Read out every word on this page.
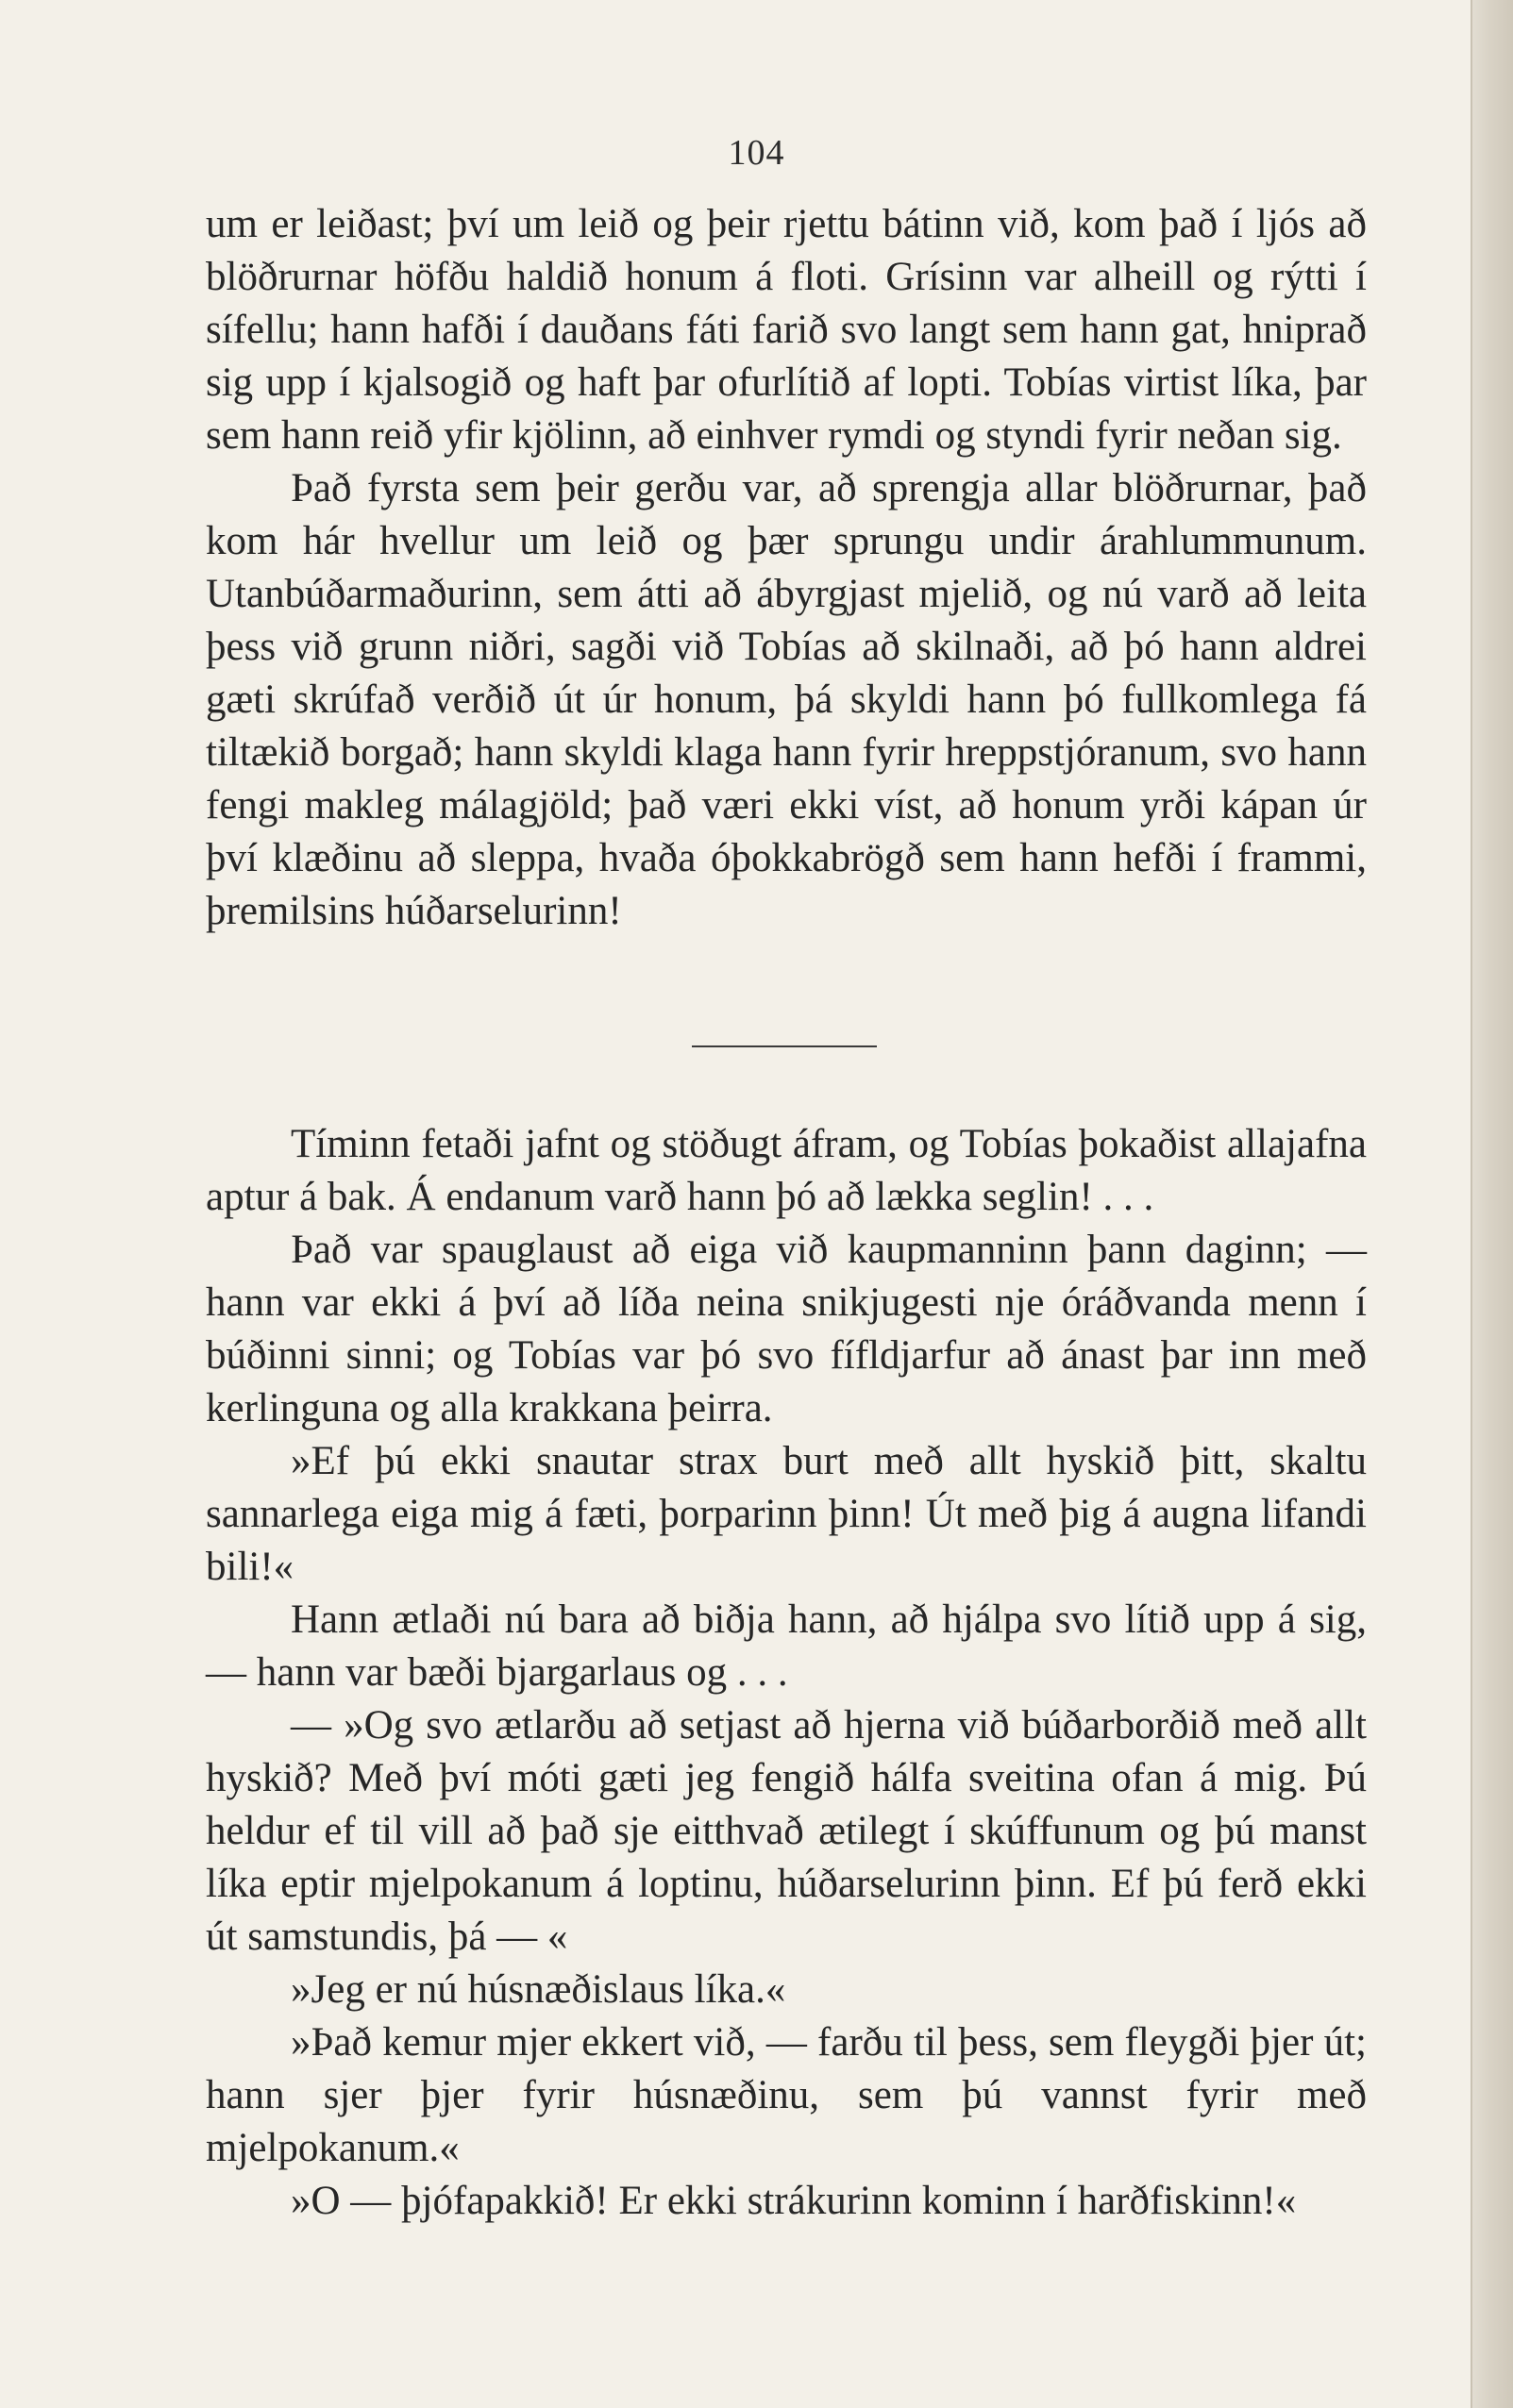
104

um er leiðast; því um leið og þeir rjettu bátinn við, kom það í ljós að blöðrurnar höfðu haldið honum á floti. Grísinn var alheill og rýtti í sífellu; hann hafði í dauðans fáti farið svo langt sem hann gat, hniprað sig upp í kjalsogið og haft þar ofurlítið af lopti. Tobías virtist líka, þar sem hann reið yfir kjölinn, að einhver rymdi og styndi fyrir neðan sig.

Það fyrsta sem þeir gerðu var, að sprengja allar blöðrurnar, það kom hár hvellur um leið og þær sprungu undir árahlummunum. Utanbúðarmaðurinn, sem átti að ábyrgjast mjelið, og nú varð að leita þess við grunn niðri, sagði við Tobías að skilnaði, að þó hann aldrei gæti skrúfað verðið út úr honum, þá skyldi hann þó fullkomlega fá tiltækið borgað; hann skyldi klaga hann fyrir hreppstjóranum, svo hann fengi makleg málagjöld; það væri ekki víst, að honum yrði kápan úr því klæðinu að sleppa, hvaða óþokkabrögð sem hann hefði í frammi, þremilsins húðarselurinn!

Tíminn fetaði jafnt og stöðugt áfram, og Tobías þokaðist allajafna aptur á bak. Á endanum varð hann þó að lækka seglin! . . .

Það var spauglaust að eiga við kaupmanninn þann daginn; — hann var ekki á því að líða neina snikjugesti nje óráðvanda menn í búðinni sinni; og Tobías var þó svo fífldjarfur að ánast þar inn með kerlinguna og alla krakkana þeirra.

»Ef þú ekki snautar strax burt með allt hyskið þitt, skaltu sannarlega eiga mig á fæti, þorparinn þinn! Út með þig á augna lifandi bili!«

Hann ætlaði nú bara að biðja hann, að hjálpa svo lítið upp á sig, — hann var bæði bjargarlaus og . . .

— »Og svo ætlarðu að setjast að hjerna við búðarborðið með allt hyskið? Með því móti gæti jeg fengið hálfa sveitina ofan á mig. Þú heldur ef til vill að það sje eitthvað ætilegt í skúffunum og þú manst líka eptir mjelpokanum á loptinu, húðarselurinn þinn. Ef þú ferð ekki út samstundis, þá — «

»Jeg er nú húsnæðislaus líka.«

»Það kemur mjer ekkert við, — farðu til þess, sem fleygði þjer út; hann sjer þjer fyrir húsnæðinu, sem þú vannst fyrir með mjelpokanum.«

»O — þjófapakkið! Er ekki strákurinn kominn í harðfiskinn!«
